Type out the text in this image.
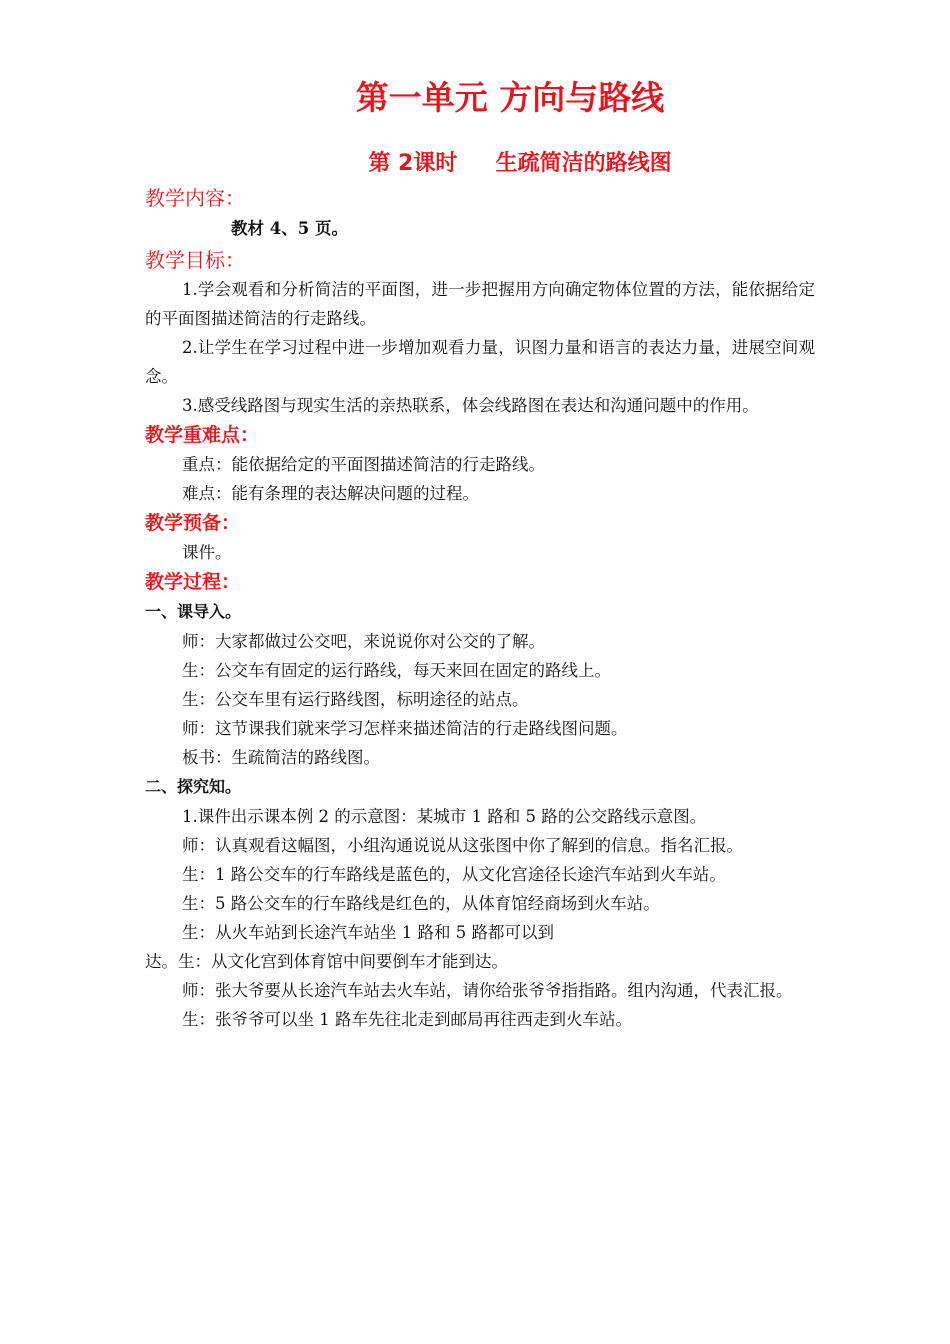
第一单元 方向与路线
第 2课时     生疏简洁的路线图

教学内容：

教材 4、5 页。

教学目标：

1.学会观看和分析简洁的平面图，进一步把握用方向确定物体位置的方法，能依据给定的平面图描述简洁的行走路线。

2.让学生在学习过程中进一步增加观看力量，识图力量和语言的表达力量，进展空间观念。

3.感受线路图与现实生活的亲热联系，体会线路图在表达和沟通问题中的作用。

教学重难点：

重点：能依据给定的平面图描述简洁的行走路线。

难点：能有条理的表达解决问题的过程。

教学预备：

课件。

教学过程：

一、课导入。

师：大家都做过公交吧，来说说你对公交的了解。

生：公交车有固定的运行路线，每天来回在固定的路线上。

生：公交车里有运行路线图，标明途径的站点。

师：这节课我们就来学习怎样来描述简洁的行走路线图问题。

板书：生疏简洁的路线图。

二、探究知。

1.课件出示课本例 2 的示意图：某城市 1 路和 5 路的公交路线示意图。

师：认真观看这幅图，小组沟通说说从这张图中你了解到的信息。指名汇报。

生：1 路公交车的行车路线是蓝色的，从文化宫途径长途汽车站到火车站。

生：5 路公交车的行车路线是红色的，从体育馆经商场到火车站。

生：从火车站到长途汽车站坐 1 路和 5 路都可以到

达。生：从文化宫到体育馆中间要倒车才能到达。

师：张大爷要从长途汽车站去火车站，请你给张爷爷指指路。组内沟通，代表汇报。

生：张爷爷可以坐 1 路车先往北走到邮局再往西走到火车站。
